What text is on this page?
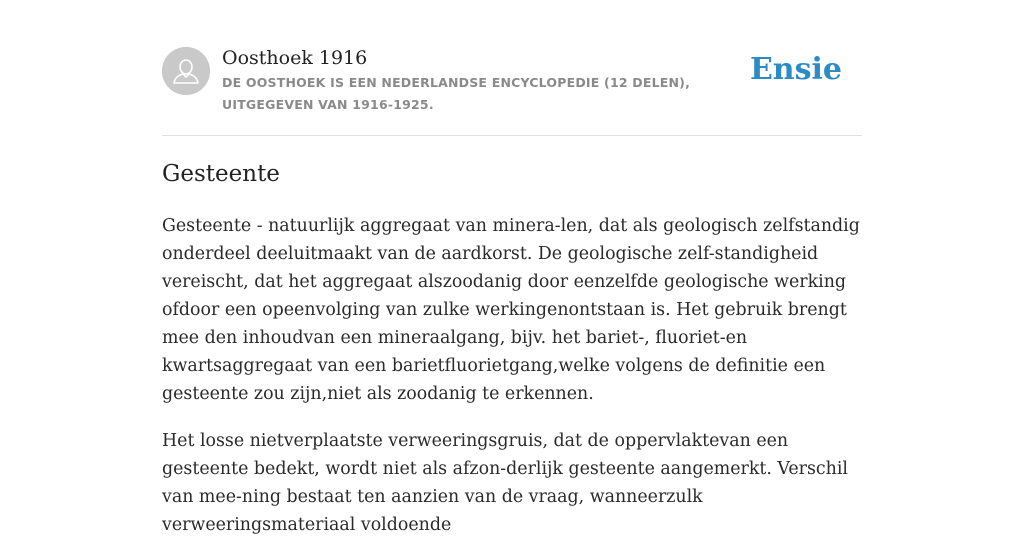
Oosthoek 1916
DE OOSTHOEK IS EEN NEDERLANDSE ENCYCLOPEDIE (12 DELEN), UITGEGEVEN VAN 1916-1925.
Ensie
Gesteente

Gesteente - natuurlijk aggregaat van minera-len, dat als geologisch zelfstandig onderdeel deeluitmaakt van de aardkorst. De geologische zelf-standigheid vereischt, dat het aggregaat alszoodanig door eenzelfde geologische werking ofdoor een opeenvolging van zulke werkingenontstaan is. Het gebruik brengt mee den inhoudvan een mineraalgang, bijv. het bariet-, fluoriet-en kwartsaggregaat van een barietfluorietgang,welke volgens de definitie een gesteente zou zijn,niet als zoodanig te erkennen.

Het losse nietverplaatste verweeringsgruis, dat de oppervlaktevan een gesteente bedekt, wordt niet als afzon-derlijk gesteente aangemerkt. Verschil van mee-ning bestaat ten aanzien van de vraag, wanneerzulk verweeringsmateriaal voldoende
